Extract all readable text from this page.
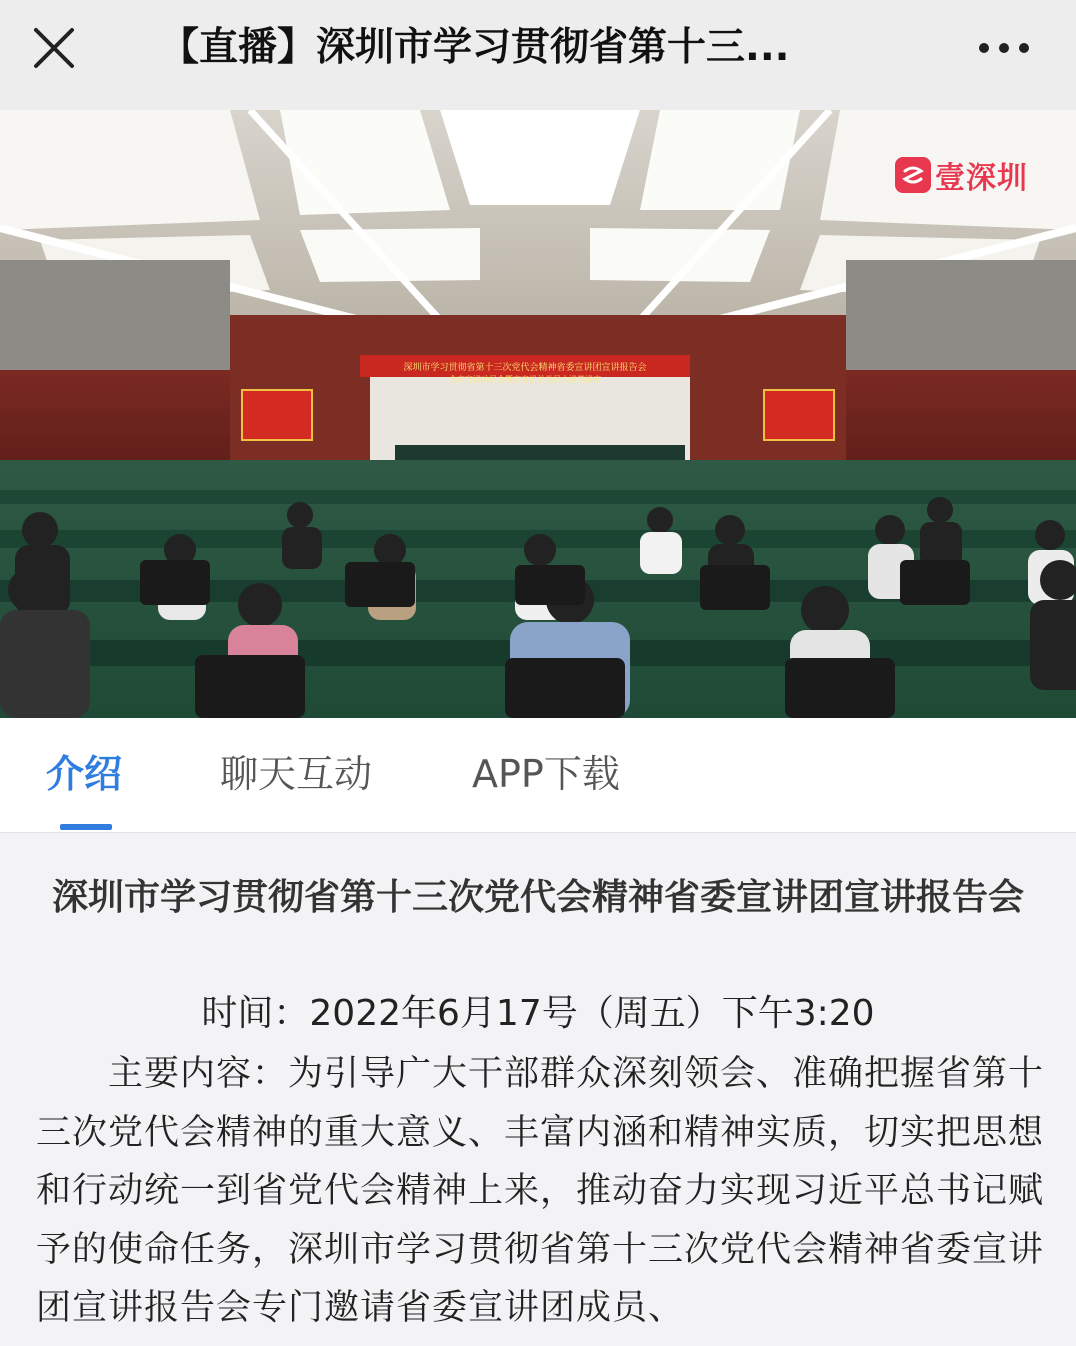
【直播】深圳市学习贯彻省第十三...
深圳市学习贯彻省第十三次党代会精神省委宣讲团宣讲报告会
全市宣讲动员会暨市直机关党员大讲堂讲座
壹深圳
介绍	聊天互动	APP下载
深圳市学习贯彻省第十三次党代会精神省委宣讲团宣讲报告会
时间：2022年6月17号（周五）下午3:20
主要内容：为引导广大干部群众深刻领会、准确把握省第十三次党代会精神的重大意义、丰富内涵和精神实质，切实把思想和行动统一到省党代会精神上来，推动奋力实现习近平总书记赋予的使命任务，深圳市学习贯彻省第十三次党代会精神省委宣讲团宣讲报告会专门邀请省委宣讲团成员、
